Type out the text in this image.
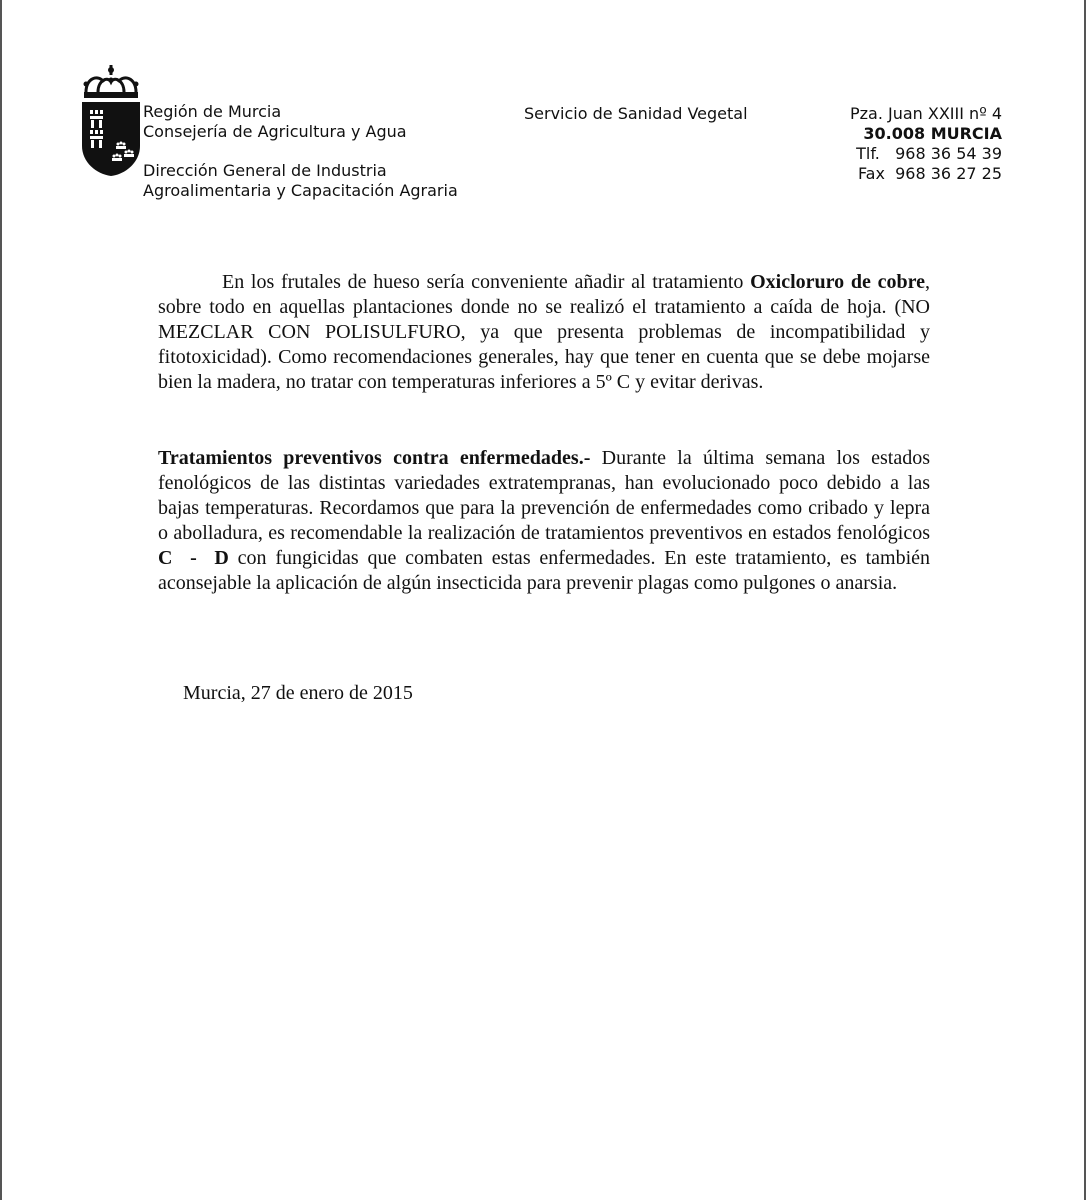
Región de Murcia
Consejería de Agricultura y Agua
Dirección General de Industria
Agroalimentaria y Capacitación Agraria
Servicio de Sanidad Vegetal	Pza. Juan XXIII nº 4
30.008 MURCIA
Tlf.   968 36 54 39
Fax  968 36 27 25

En los frutales de hueso sería conveniente añadir al tratamiento Oxicloruro de cobre, sobre todo en aquellas plantaciones donde no se realizó el tratamiento a caída de hoja. (NO MEZCLAR CON POLISULFURO, ya que presenta problemas de incompatibilidad y fitotoxicidad). Como recomendaciones generales, hay que tener en cuenta que se debe mojarse bien la madera, no tratar con temperaturas inferiores a 5º C y evitar derivas.

Tratamientos preventivos contra enfermedades.- Durante la última semana los estados fenológicos de las distintas variedades extratempranas, han evolucionado poco debido a las bajas temperaturas. Recordamos que para la prevención de enfermedades como cribado y lepra o abolladura, es recomendable la realización de tratamientos preventivos en estados fenológicos C  -  D con fungicidas que combaten estas enfermedades. En este tratamiento, es también aconsejable la aplicación de algún insecticida para prevenir plagas como pulgones o anarsia.

Murcia, 27 de enero de 2015
